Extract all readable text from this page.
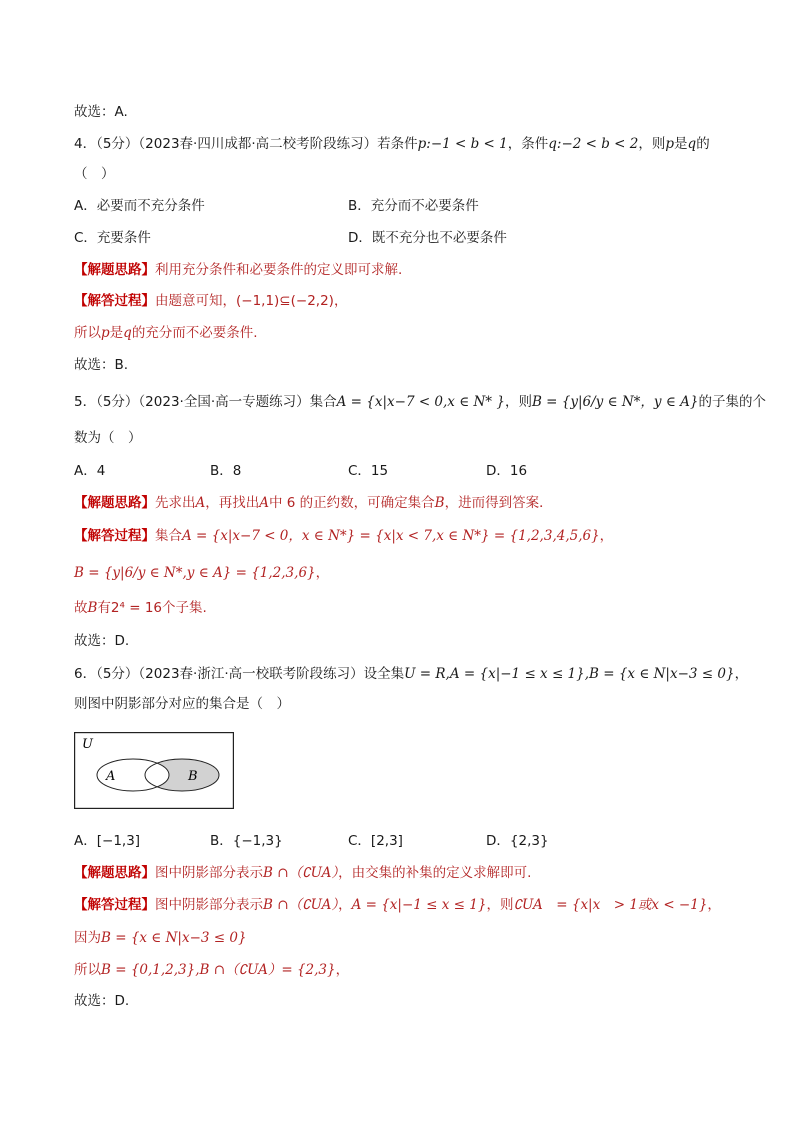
故选：A.
4．（5分）（2023春·四川成都·高二校考阶段练习）若条件p:−1 < b < 1，条件q:−2 < b < 2，则p是q的
（　）
A．必要而不充分条件	B．充分而不必要条件
C．充要条件	D．既不充分也不必要条件
【解题思路】利用充分条件和必要条件的定义即可求解.
【解答过程】由题意可知，(−1,1)⊆(−2,2)，
所以p是q的充分而不必要条件.
故选：B.
5．（5分）（2023·全国·高一专题练习）集合A = {x|x−7 < 0,x ∈ N* }，则B = {y|6/y ∈ N*，y ∈ A}的子集的个
数为（　）
A．4	B．8	C．15	D．16
【解题思路】先求出A，再找出A中 6 的正约数，可确定集合B，进而得到答案．
【解答过程】集合A = {x|x−7 < 0，x ∈ N*} = {x|x < 7,x ∈ N*} = {1,2,3,4,5,6}，
B = {y|6/y ∈ N*,y ∈ A} = {1,2,3,6}，
故B有2⁴ = 16个子集.
故选：D.
6．（5分）（2023春·浙江·高一校联考阶段练习）设全集U = R,A = {x|−1 ≤ x ≤ 1},B = {x ∈ N|x−3 ≤ 0}，
则图中阴影部分对应的集合是（　）
U
A	B
A．[−1,3]	B．{−1,3}	C．[2,3]	D．{2,3}
【解题思路】图中阴影部分表示B ∩（∁UA），由交集的补集的定义求解即可.
【解答过程】图中阴影部分表示B ∩（∁UA），A = {x|−1 ≤ x ≤ 1}，则∁UA　= {x|x　> 1或x < −1}，
因为B = {x ∈ N|x−3 ≤ 0}
所以B = {0,1,2,3},B ∩（∁UA）= {2,3}，
故选：D.
